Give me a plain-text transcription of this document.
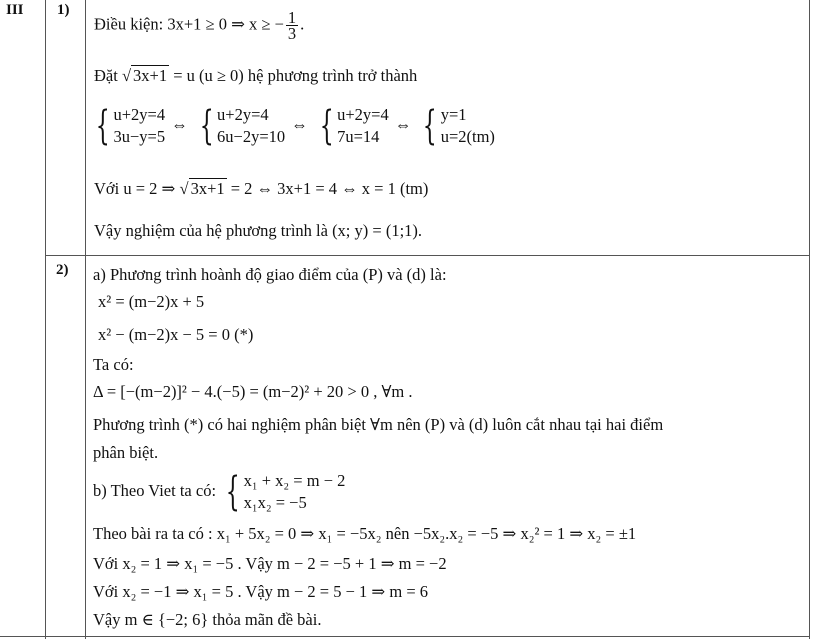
III 1)
2)
Điều kiện: 3x+1 ≥ 0 ⇒ x ≥ − $\frac{1}{3}$ .
Đặt √ 3x+1 = u (u ≥ 0) hệ phương trình trở thành
{ u+2y=4
3u−y=5
⇔ { u+2y=4
6u−2y=10
⇔ { u+2y=4
7u=14
⇔ { y=1
u=2(tm)
Với u = 2 ⇒ √ 3x+1 = 2 ⇔ 3x+1 = 4 ⇔ x = 1 (tm)
Vậy nghiệm của hệ phương trình là (x; y) = (1;1).
a) Phương trình hoành độ giao điểm của (P) và (d) là:
x² = (m−2)x + 5
x² − (m−2)x − 5 = 0 (*)
Ta có:
Δ = [−(m−2)]² − 4.(−5) = (m−2)² + 20 > 0 , ∀m .
Phương trình (*) có hai nghiệm phân biệt ∀m nên (P) và (d) luôn cắt nhau tại hai điểm
phân biệt.
b) Theo Viet ta có: { x₁ + x₂ = m − 2
x₁x₂ = −5
Theo bài ra ta có : x₁ + 5x₂ = 0 ⇒ x₁ = −5x₂ nên −5x₂.x₂ = −5 ⇒ x₂² = 1 ⇒ x₂ = ±1
Với x₂ = 1 ⇒ x₁ = −5 . Vậy m − 2 = −5 + 1 ⇒ m = −2
Với x₂ = −1 ⇒ x₁ = 5 . Vậy m − 2 = 5 − 1 ⇒ m = 6
Vậy m ∈ {−2; 6} thỏa mãn đề bài.
